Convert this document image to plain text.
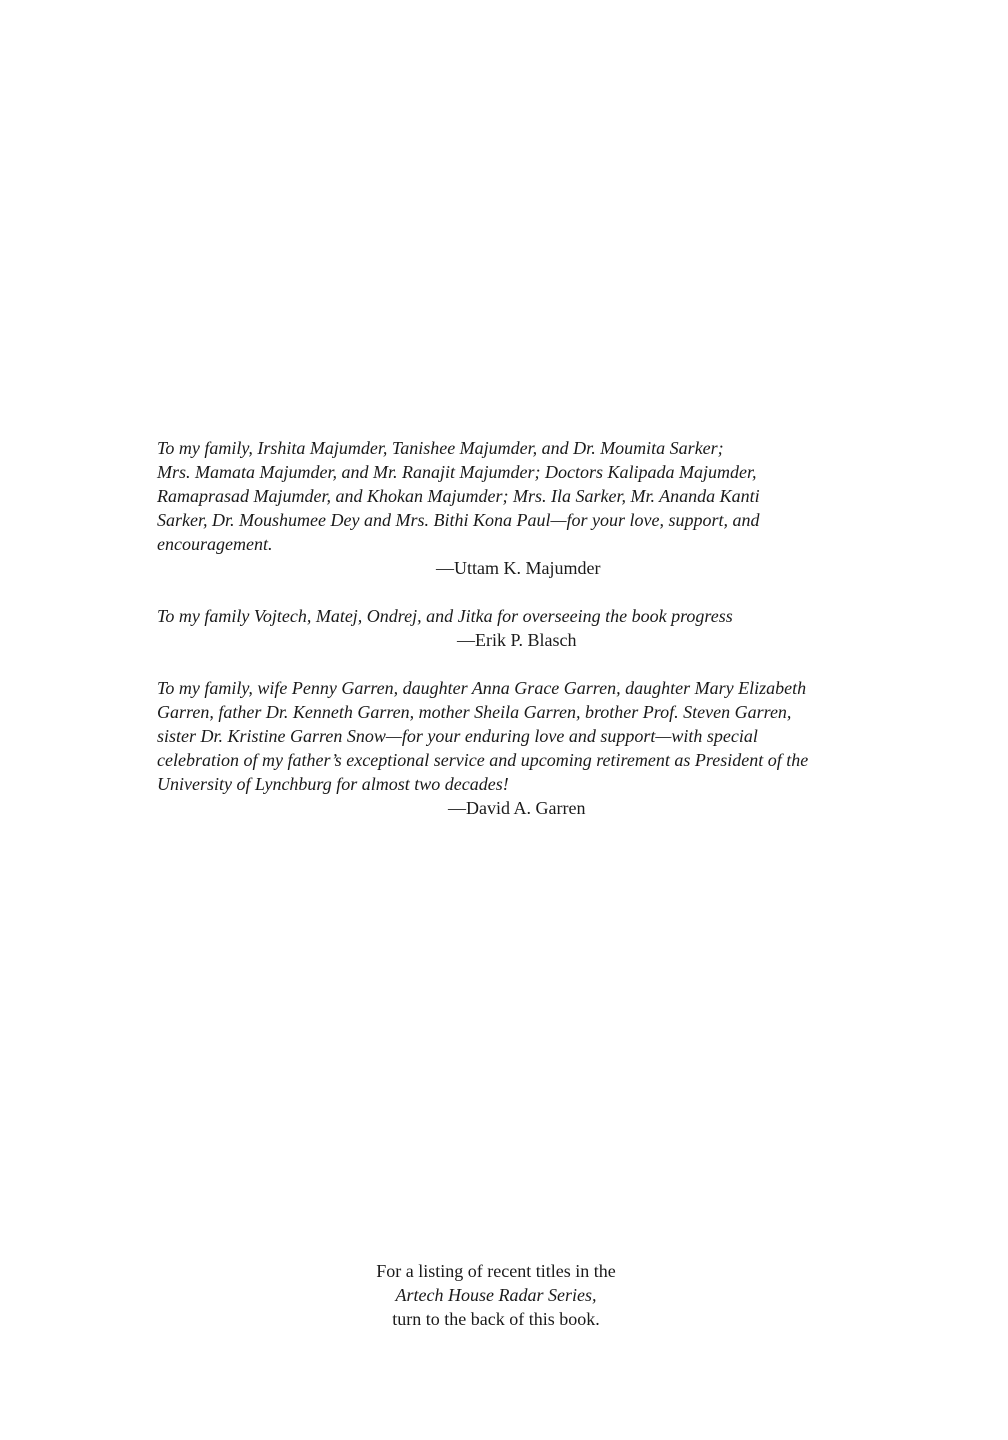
To my family, Irshita Majumder, Tanishee Majumder, and Dr. Moumita Sarker;
Mrs. Mamata Majumder, and Mr. Ranajit Majumder; Doctors Kalipada Majumder,
Ramaprasad Majumder, and Khokan Majumder; Mrs. Ila Sarker, Mr. Ananda Kanti
Sarker, Dr. Moushumee Dey and Mrs. Bithi Kona Paul—for your love, support, and
encouragement.

—Uttam K. Majumder

To my family Vojtech, Matej, Ondrej, and Jitka for overseeing the book progress

—Erik P. Blasch

To my family, wife Penny Garren, daughter Anna Grace Garren, daughter Mary Elizabeth
Garren, father Dr. Kenneth Garren, mother Sheila Garren, brother Prof. Steven Garren,
sister Dr. Kristine Garren Snow—for your enduring love and support—with special
celebration of my father’s exceptional service and upcoming retirement as President of the
University of Lynchburg for almost two decades!

—David A. Garren

For a listing of recent titles in the
Artech House Radar Series,
turn to the back of this book.
